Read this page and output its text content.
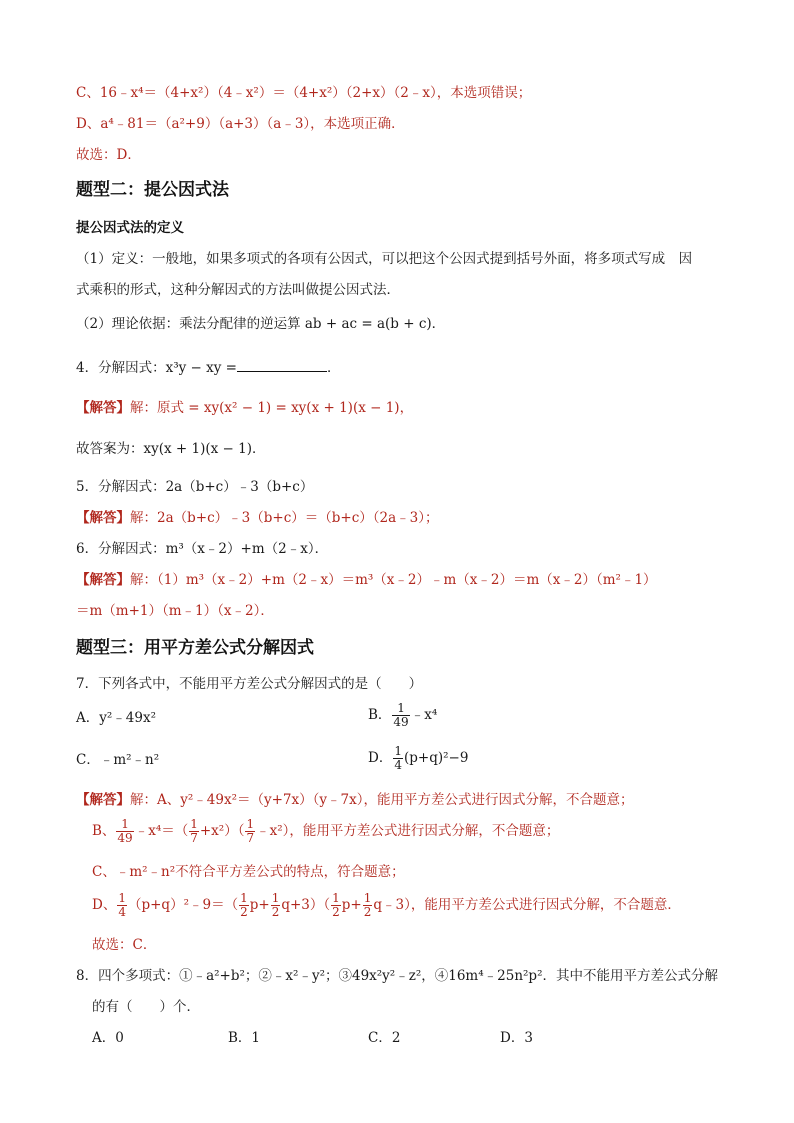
C、16﹣x⁴＝（4+x²）（4﹣x²）＝（4+x²）（2+x）（2﹣x），本选项错误；
D、a⁴﹣81＝（a²+9）（a+3）（a﹣3），本选项正确．
故选：D．
题型二：提公因式法
提公因式法的定义
（1）定义：一般地，如果多项式的各项有公因式，可以把这个公因式提到括号外面，将多项式写成　因
式乘积的形式，这种分解因式的方法叫做提公因式法．
（2）理论依据：乘法分配律的逆运算 ab + ac = a(b + c)．
4．分解因式：x³y − xy =	．
【解答】解：原式 = xy(x² − 1) = xy(x + 1)(x − 1)，
故答案为：xy(x + 1)(x − 1)．
5．分解因式：2a（b+c）﹣3（b+c）
【解答】解：2a（b+c）﹣3（b+c）＝（b+c）（2a﹣3）；
6．分解因式：m³（x﹣2）+m（2﹣x）．
【解答】解：（1）m³（x﹣2）+m（2﹣x）＝m³（x﹣2）﹣m（x﹣2）＝m（x﹣2）（m²﹣1）
＝m（m+1）（m﹣1）（x﹣2）．
题型三：用平方差公式分解因式
7．下列各式中，不能用平方差公式分解因式的是（　　）
A．y²﹣49x²	B． $\frac{1}{49}$ ﹣x⁴
C．﹣m²﹣n²	D． $\frac{1}{4} (p+q)^2-9$
【解答】解：A、y²﹣49x²＝（y+7x）（y﹣7x），能用平方差公式进行因式分解，不合题意；
B、 $\frac{1}{49}$ ﹣x⁴＝（ $\frac{1}{7} +x^2)( \frac{1}{7}$ ﹣x²），能用平方差公式进行因式分解，不合题意；
C、﹣m²﹣n²不符合平方差公式的特点，符合题意；
D、 $\frac{1}{4}$ （p+q）²﹣9＝（ $\frac{1}{2} p+ \frac{1}{2} q+3)( \frac{1}{2} p+ \frac{1}{2}$ q﹣3），能用平方差公式进行因式分解，不合题意．
故选：C．
8．四个多项式：①﹣a²+b²；②﹣x²﹣y²；③49x²y²﹣z²，④16m⁴﹣25n²p²．其中不能用平方差公式分解
的有（　　）个．
A．0	B．1	C．2	D．3
